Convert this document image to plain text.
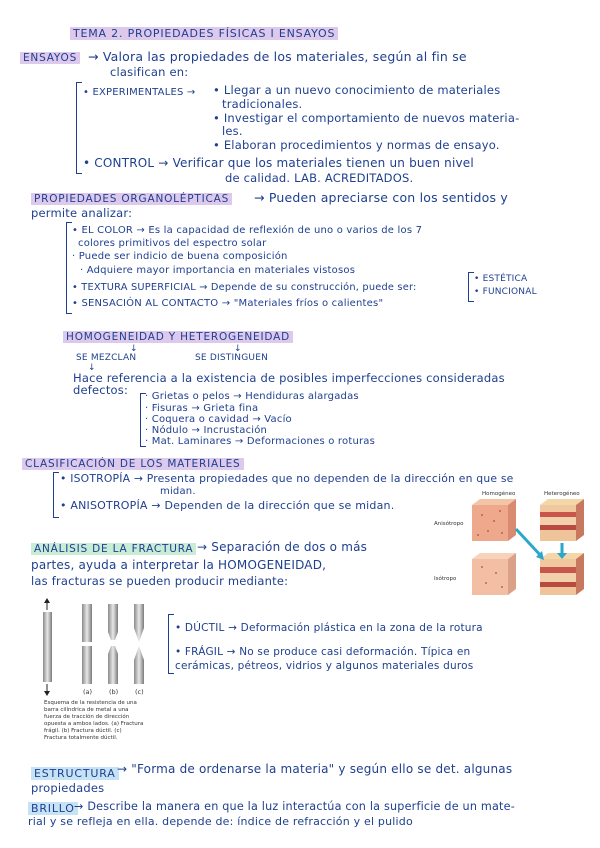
TEMA 2. PROPIEDADES FÍSICAS I ENSAYOS
ENSAYOS → Valora las propiedades de los materiales, según al fin se
clasifican en:
• EXPERIMENTALES → • Llegar a un nuevo conocimiento de materiales
tradicionales.
• Investigar el comportamiento de nuevos materia-
les.
• Elaboran procedimientos y normas de ensayo.
• CONTROL → Verificar que los materiales tienen un buen nivel
de calidad. LAB. ACREDITADOS.
PROPIEDADES ORGANOLÉPTICAS → Pueden apreciarse con los sentidos y
permite analizar:
• EL COLOR → Es la capacidad de reflexión de uno o varios de los 7
colores primitivos del espectro solar
· Puede ser indicio de buena composición
· Adquiere mayor importancia en materiales vistosos
• TEXTURA SUPERFICIAL → Depende de su construcción, puede ser:
• ESTÉTICA
• FUNCIONAL
• SENSACIÓN AL CONTACTO → "Materiales fríos o calientes"
HOMOGENEIDAD Y HETEROGENEIDAD
↓	↓
SE MEZCLAN	SE DISTINGUEN
↓
Hace referencia a la existencia de posibles imperfecciones consideradas
defectos: · Grietas o pelos → Hendiduras alargadas
· Fisuras → Grieta fina
· Coquera o cavidad → Vacío
· Nódulo → Incrustación
· Mat. Laminares → Deformaciones o roturas
CLASIFICACIÓN DE LOS MATERIALES
• ISOTROPÍA → Presenta propiedades que no dependen de la dirección en que se
midan.
• ANISOTROPÍA → Dependen de la dirección que se midan.
Homogéneo	Heterogéneo
Anisótropo
Isótropo
ANÁLISIS DE LA FRACTURA → Separación de dos o más
partes, ayuda a interpretar la HOMOGENEIDAD,
las fracturas se pueden producir mediante:
(a)	(b)	(c)
Esquema de la resistencia de una barra cilíndrica de metal a una fuerza de tracción de dirección opuesta a ambos lados. (a) Fractura frágil. (b) Fractura dúctil. (c) Fractura totalmente dúctil.
• DÚCTIL → Deformación plástica en la zona de la rotura
• FRÁGIL → No se produce casi deformación. Típica en
cerámicas, pétreos, vidrios y algunos materiales duros
ESTRUCTURA → "Forma de ordenarse la materia" y según ello se det. algunas
propiedades
BRILLO → Describe la manera en que la luz interactúa con la superficie de un mate-
rial y se refleja en ella. depende de: índice de refracción y el pulido
